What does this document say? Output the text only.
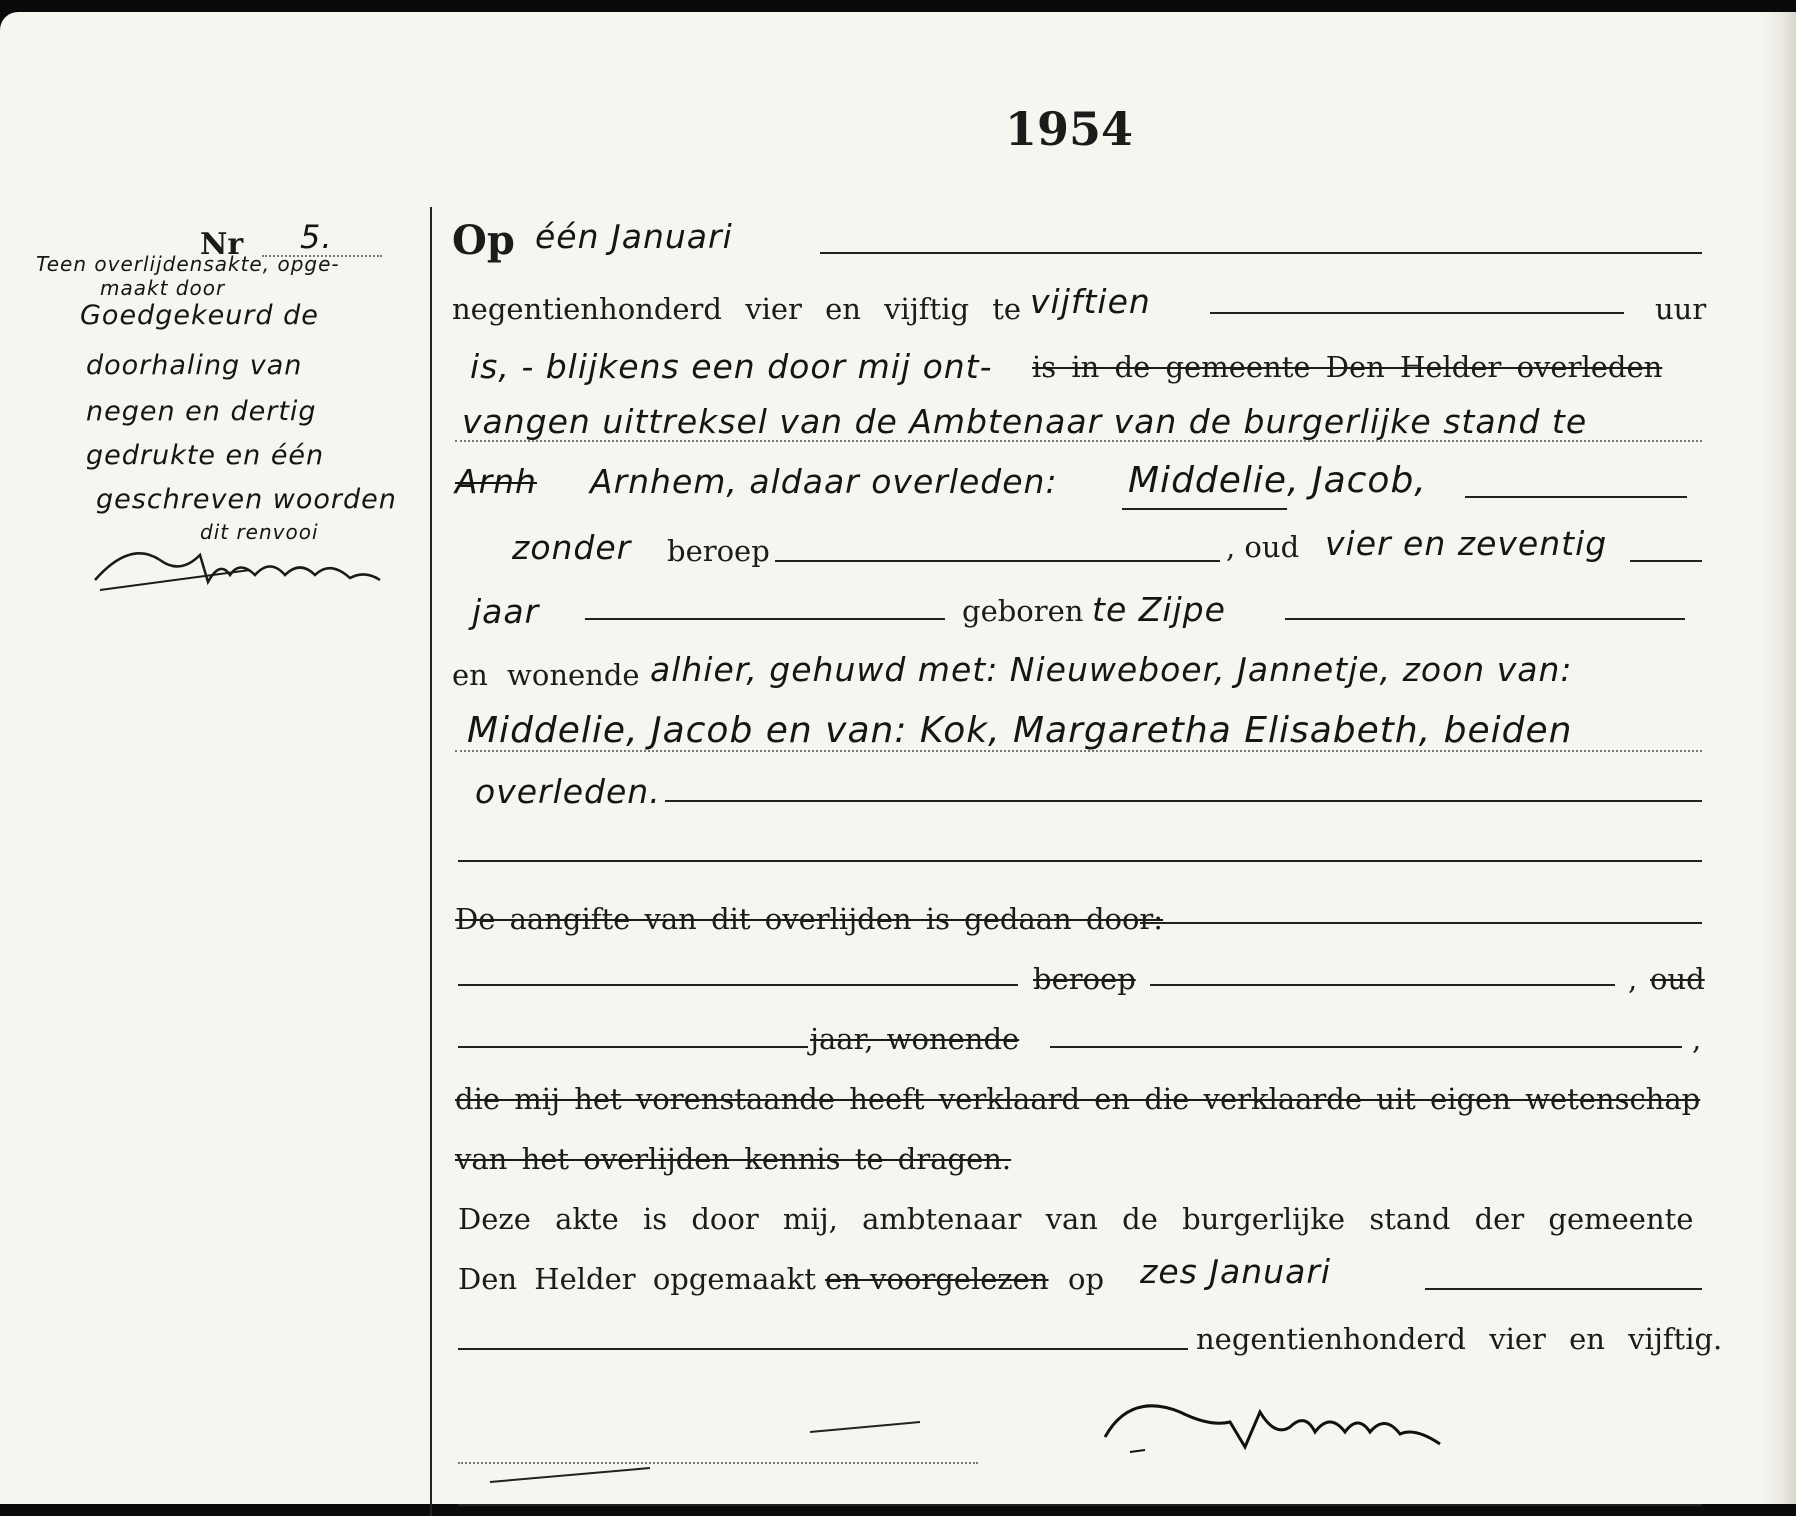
1954
Nr 5.
Teen overlijdensakte, opge-
maakt door
Goedgekeurd de
doorhaling van
negen en dertig
gedrukte en één
geschreven woorden
dit renvooi
Op één Januari
negentienhonderd vier en vijftig te vijftien	uur
is, - blijkens een door mij ont- is in de gemeente Den Helder overleden
vangen uittreksel van de Ambtenaar van de burgerlijke stand te
Arnh Arnhem, aldaar overleden: Middelie, Jacob,
zonder beroep	, oud vier en zeventig
jaar	geboren te Zijpe
en wonende alhier, gehuwd met: Nieuweboer, Jannetje, zoon van:
Middelie, Jacob en van: Kok, Margaretha Elisabeth, beiden
overleden.
De aangifte van dit overlijden is gedaan door:
beroep	, oud
jaar, wonende	,
die mij het vorenstaande heeft verklaard en die verklaarde uit eigen wetenschap
van het overlijden kennis te dragen.
Deze akte is door mij, ambtenaar van de burgerlijke stand der gemeente
Den Helder opgemaakt en voorgelezen op zes Januari
negentienhonderd vier en vijftig.
